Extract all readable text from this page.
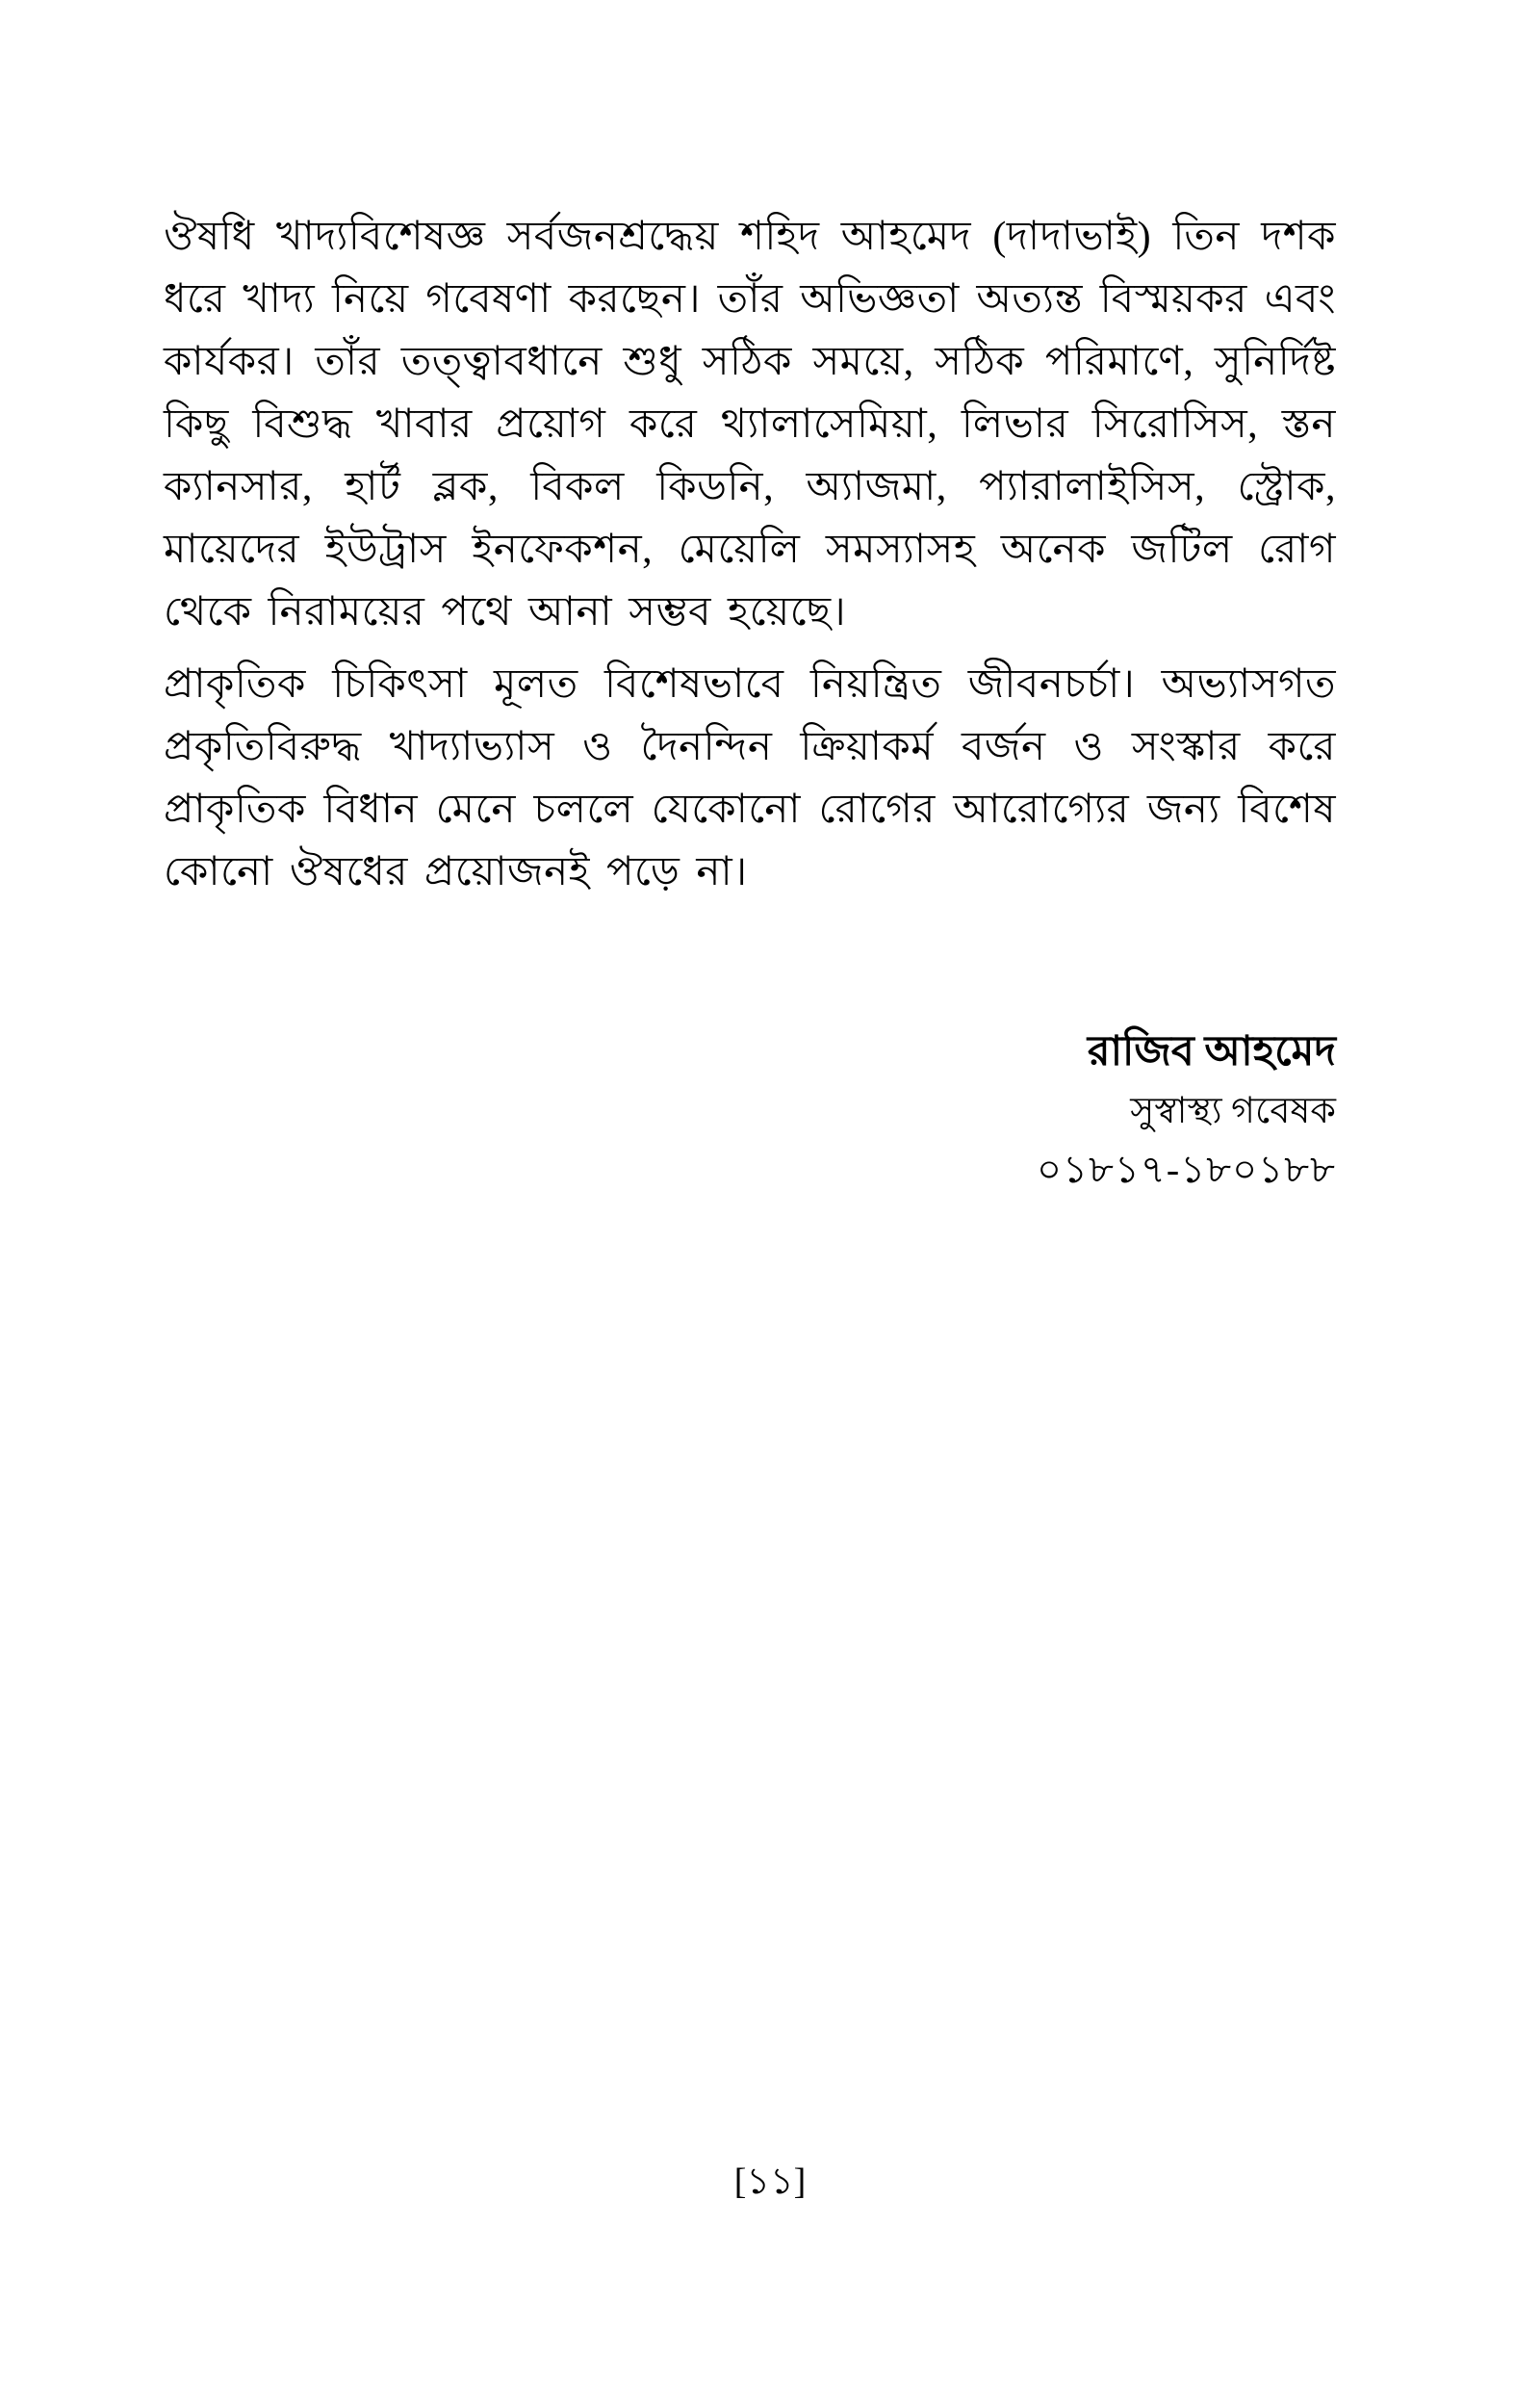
ঔষধি খাদ্যবিশেষজ্ঞ সর্বজনশ্রদ্ধেয় শহিদ আহমেদ (দাদাভাই) তিন দশক ধরে খাদ্য নিয়ে গবেষণা করছেন। তাঁর অভিজ্ঞতা অত্যন্ত বিস্ময়কর এবং কার্যকর। তাঁর তত্ত্বাবধানে শুধু সঠিক সময়ে, সঠিক পরিমাণে, সুনির্দিষ্ট কিছু বিশুদ্ধ খাবার প্রয়োগ করে থ্যালাসেমিয়া, লিভার সিরোসিস, স্তন ক্যানসার, হার্ট ব্লক, বিকল কিডনি, অ্যাজমা, প্যারালাইসিস, স্ট্রোক, মায়েদের ইউট্রাস ইনফেকশন, মেয়েলি সমস্যাসহ অনেক জটিল রোগ থেকে নিরাময়ের পথে আনা সম্ভব হয়েছে।

প্রাকৃতিক চিকিৎসা মূলত বিশেষভাবে নিয়ন্ত্রিত জীবনচর্চা। অভ্যাসগত প্রকৃতিবিরুদ্ধ খাদ্যাভ্যাস ও দৈনন্দিন ক্রিয়াকর্ম বর্জন ও সংস্কার করে প্রাকৃতিক বিধান মেনে চললে যেকোনো রোগের আরোগ্যের জন্য বিশেষ কোনো ঔষধের প্রয়োজনই পড়ে না।

রাজিব আহমেদ
সুস্বাস্থ্য গবেষক
০১৮১৭-১৮০১৮৮
[১১]
